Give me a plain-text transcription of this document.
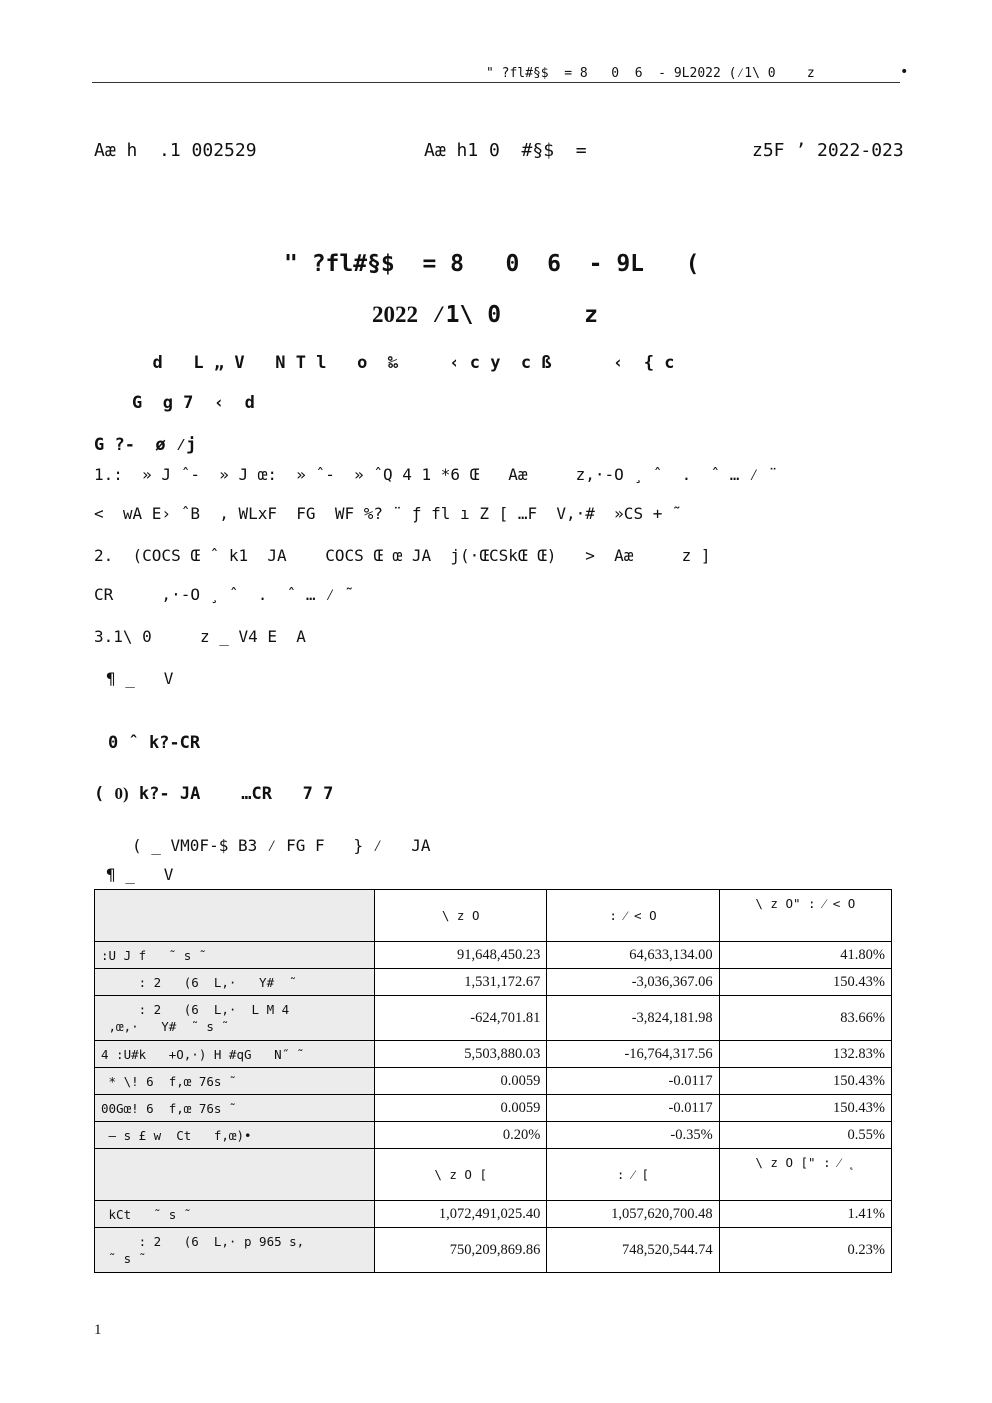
" ?fl#§$  = 8   0  6  - 9L2022 (⁄1\ 0    z	•
Aæ h  .1 002529	Aæ h1 0  #§$  =	z5F ’ 2022-023
" ?fl#§$  = 8   0  6  - 9L   (
2022 ⁄1\ 0      z
d   L „ V   N T l   o  ‰     ‹ c y  c ß      ‹  { c
G  g 7  ‹  d
G ?-  ø ⁄j
1.:  » J ˆ-  » J œ:  » ˆ-  » ˆQ 4 1 *6 Œ   Aæ     z,·-O ¸ ˆ  .  ˆ … ⁄ ¨
<  wA E› ˆB  , WLxF  FG  WF %? ¨ ƒ fl ı Z [ …F  V,·#  »CS + ˜
2.  (COCS Œ ˆ k1  JA    COCS Œ œ JA  j(·ŒCSkŒ Œ)   >  Aæ     z ]
CR     ,·-O ¸ ˆ  .  ˆ … ⁄ ˜
3.1\ 0     z _ V4 E  A
¶ _   V
0 ˆ k?-CR
( 0) k?- JA    …CR   7 7
( _ VM0F-$ B3 ⁄ FG F   } ⁄   JA
¶ _   V
	\ z O	: ⁄ < O	\ z O" : ⁄ < O

:U J f   ˜ s ˜	91,648,450.23	64,633,134.00	41.80%

: 2   (6  L,·   Y#  ˜	1,531,172.67	-3,036,367.06	150.43%

: 2   (6  L,·  L M 4
,œ,·   Y#  ˜ s ˜	-624,701.81	-3,824,181.98	83.66%

4 :U#k   +O,·) H #qG   N˝ ˜	5,503,880.03	-16,764,317.56	132.83%

* \! 6  f,œ 76s ˜	0.0059	-0.0117	150.43%

00Gœ! 6  f,œ 76s ˜	0.0059	-0.0117	150.43%

— s £ w  Ct   f,œ)•	0.20%	-0.35%	0.55%

	\ z O [	: ⁄ [	\ z O [" : ⁄ ˛

kCt   ˜ s ˜	1,072,491,025.40	1,057,620,700.48	1.41%

: 2   (6  L,· p 965 s,
˜ s ˜	750,209,869.86	748,520,544.74	0.23%
1
